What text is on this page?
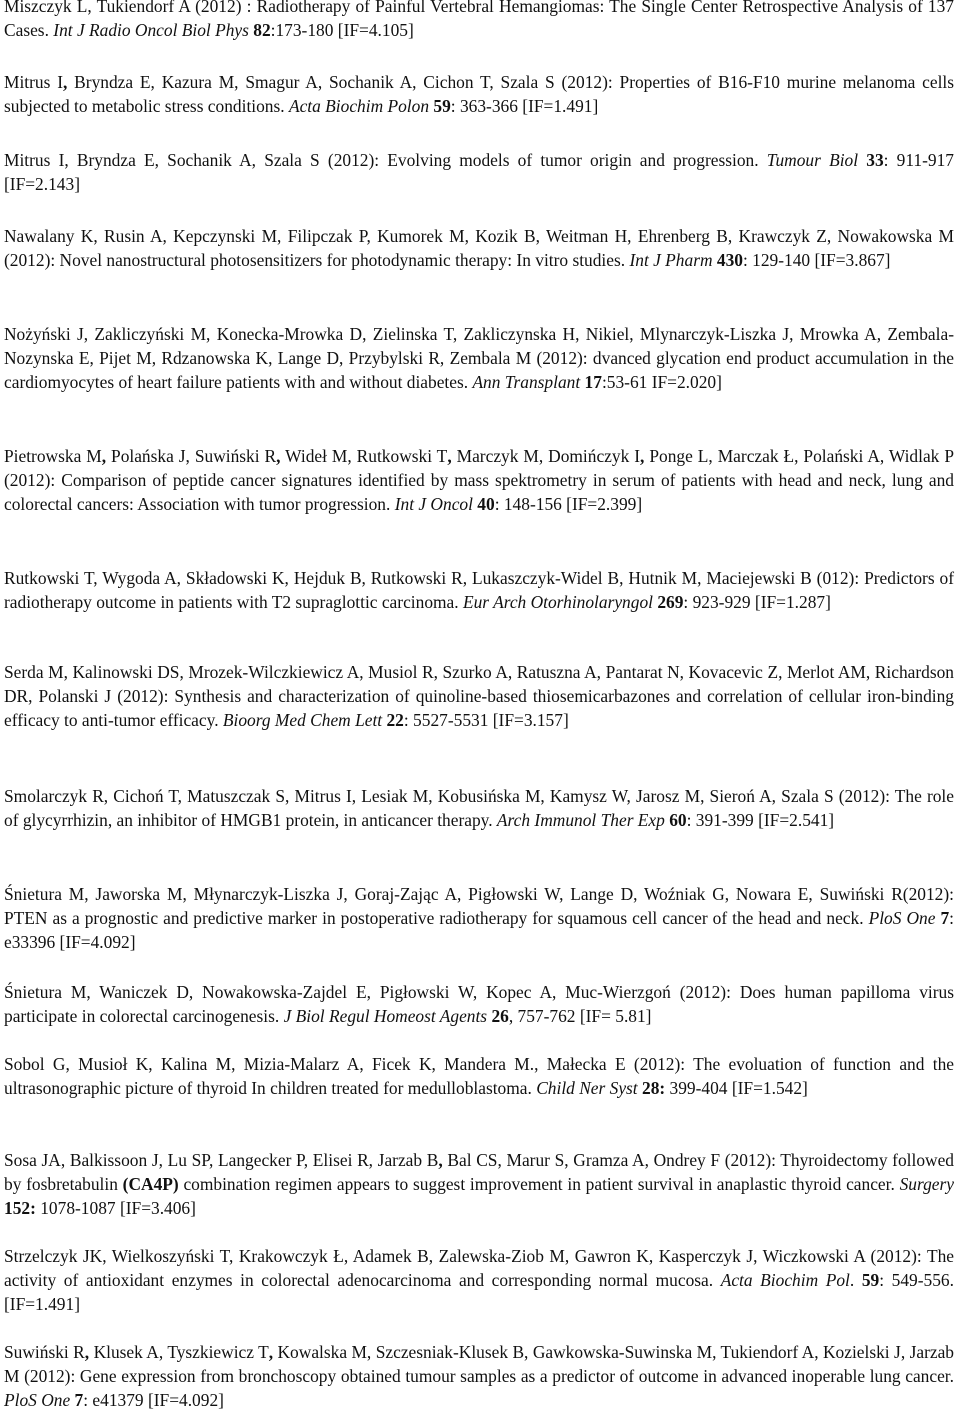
Miszczyk L, Tukiendorf A (2012) : Radiotherapy of Painful Vertebral Hemangiomas: The Single Center Retrospective Analysis of 137 Cases. Int J Radio Oncol Biol Phys 82:173-180 [IF=4.105]

Mitrus I, Bryndza E, Kazura M, Smagur A, Sochanik A, Cichon T, Szala S (2012): Properties of B16-F10 murine melanoma cells subjected to metabolic stress conditions. Acta Biochim Polon 59: 363-366 [IF=1.491]

Mitrus I, Bryndza E, Sochanik A, Szala S (2012): Evolving models of tumor origin and progression. Tumour Biol 33: 911-917 [IF=2.143]

Nawalany K, Rusin A, Kepczynski M, Filipczak P, Kumorek M, Kozik B, Weitman H, Ehrenberg B, Krawczyk Z, Nowakowska M (2012): Novel nanostructural photosensitizers for photodynamic therapy: In vitro studies. Int J Pharm 430: 129-140 [IF=3.867]

Nożyński J, Zakliczyński M, Konecka-Mrowka D, Zielinska T, Zakliczynska H, Nikiel, Mlynarczyk-Liszka J, Mrowka A, Zembala-Nozynska E, Pijet M, Rdzanowska K, Lange D, Przybylski R, Zembala M (2012): dvanced glycation end product accumulation in the cardiomyocytes of heart failure patients with and without diabetes. Ann Transplant 17:53-61 IF=2.020]

Pietrowska M, Polańska J, Suwiński R, Wideł M, Rutkowski T, Marczyk M, Domińczyk I, Ponge L, Marczak Ł, Polański A, Widlak P (2012): Comparison of peptide cancer signatures identified by mass spektrometry in serum of patients with head and neck, lung and colorectal cancers: Association with tumor progression. Int J Oncol 40: 148-156 [IF=2.399]

Rutkowski T, Wygoda A, Składowski K, Hejduk B, Rutkowski R, Lukaszczyk-Widel B, Hutnik M, Maciejewski B (012): Predictors of radiotherapy outcome in patients with T2 supraglottic carcinoma. Eur Arch Otorhinolaryngol 269: 923-929 [IF=1.287]

Serda M, Kalinowski DS, Mrozek-Wilczkiewicz A, Musiol R, Szurko A, Ratuszna A, Pantarat N, Kovacevic Z, Merlot AM, Richardson DR, Polanski J (2012): Synthesis and characterization of quinoline-based thiosemicarbazones and correlation of cellular iron-binding efficacy to anti-tumor efficacy. Bioorg Med Chem Lett 22: 5527-5531 [IF=3.157]

Smolarczyk R, Cichoń T, Matuszczak S, Mitrus I, Lesiak M, Kobusińska M, Kamysz W, Jarosz M, Sieroń A, Szala S (2012): The role of glycyrrhizin, an inhibitor of HMGB1 protein, in anticancer therapy. Arch Immunol Ther Exp 60: 391-399 [IF=2.541]

Śnietura M, Jaworska M, Młynarczyk-Liszka J, Goraj-Zając A, Pigłowski W, Lange D, Woźniak G, Nowara E, Suwiński R(2012): PTEN as a prognostic and predictive marker in postoperative radiotherapy for squamous cell cancer of the head and neck. PloS One 7: e33396 [IF=4.092]

Śnietura M, Waniczek D, Nowakowska-Zajdel E, Pigłowski W, Kopec A, Muc-Wierzgoń (2012): Does human papilloma virus participate in colorectal carcinogenesis. J Biol Regul Homeost Agents 26, 757-762 [IF= 5.81]

Sobol G, Musioł K, Kalina M, Mizia-Malarz A, Ficek K, Mandera M., Małecka E (2012): The evoluation of function and the ultrasonographic picture of thyroid In children treated for medulloblastoma. Child Ner Syst 28: 399-404 [IF=1.542]

Sosa JA, Balkissoon J, Lu SP, Langecker P, Elisei R, Jarzab B, Bal CS, Marur S, Gramza A, Ondrey F (2012): Thyroidectomy followed by fosbretabulin (CA4P) combination regimen appears to suggest improvement in patient survival in anaplastic thyroid cancer. Surgery 152: 1078-1087 [IF=3.406]

Strzelczyk JK, Wielkoszyński T, Krakowczyk Ł, Adamek B, Zalewska-Ziob M, Gawron K, Kasperczyk J, Wiczkowski A (2012): The activity of antioxidant enzymes in colorectal adenocarcinoma and corresponding normal mucosa. Acta Biochim Pol. 59: 549-556. [IF=1.491]

Suwiński R, Klusek A, Tyszkiewicz T, Kowalska M, Szczesniak-Klusek B, Gawkowska-Suwinska M, Tukiendorf A, Kozielski J, Jarzab M (2012): Gene expression from bronchoscopy obtained tumour samples as a predictor of outcome in advanced inoperable lung cancer. PloS One 7: e41379 [IF=4.092]
